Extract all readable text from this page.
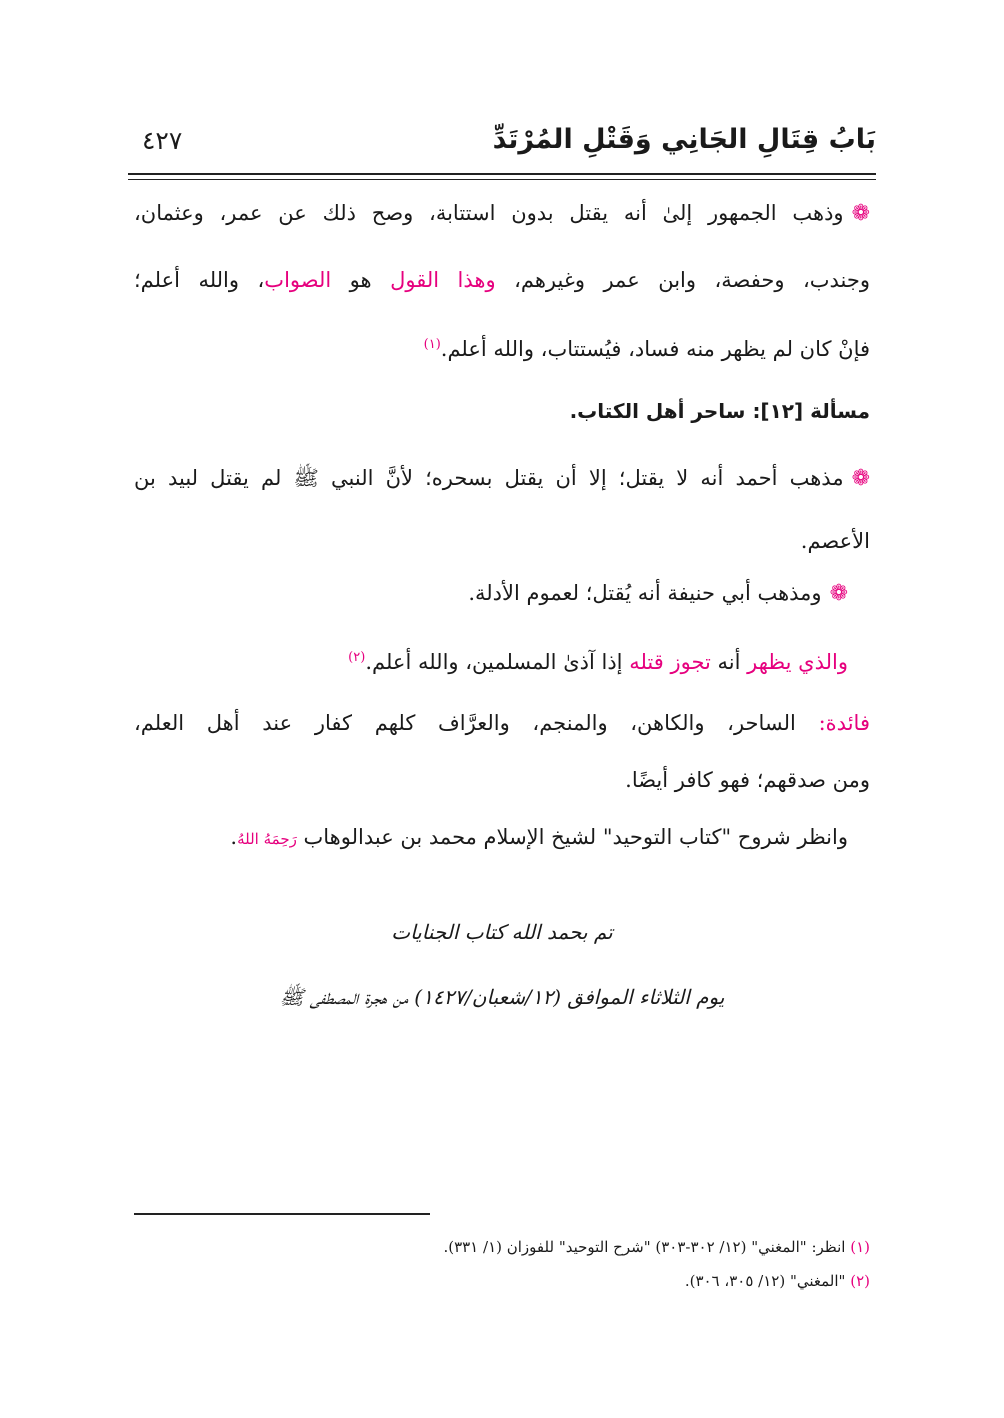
بَابُ قِتَالِ الجَانِي وَقَتْلِ المُرْتَدِّ
٤٢٧
❁وذهب الجمهور إلىٰ أنه يقتل بدون استتابة، وصح ذلك عن عمر، وعثمان،
وجندب، وحفصة، وابن عمر وغيرهم، وهذا القول هو الصواب، والله أعلم؛
فإنْ كان لم يظهر منه فساد، فيُستتاب، والله أعلم.$^{(١)}$
مسألة [١٢]: ساحر أهل الكتاب.
❁مذهب أحمد أنه لا يقتل؛ إلا أن يقتل بسحره؛ لأنَّ النبي ﷺ لم يقتل لبيد بن
الأعصم.
❁ومذهب أبي حنيفة أنه يُقتل؛ لعموم الأدلة.
والذي يظهر أنه تجوز قتله إذا آذىٰ المسلمين، والله أعلم.$^{(٢)}$
فائدة: الساحر، والكاهن، والمنجم، والعرَّاف كلهم كفار عند أهل العلم،
ومن صدقهم؛ فهو كافر أيضًا.
وانظر شروح "كتاب التوحيد" لشيخ الإسلام محمد بن عبدالوهاب رَحِمَهُ اللهُ.
تم بحمد الله كتاب الجنايات
يوم الثلاثاء الموافق (١٢/شعبان/١٤٢٧) من هجرة المصطفى ﷺ
(١) انظر: "المغني" (١٢/ ٣٠٢-٣٠٣) "شرح التوحيد" للفوزان (١/ ٣٣١).
(٢) "المغني" (١٢/ ٣٠٥، ٣٠٦).
